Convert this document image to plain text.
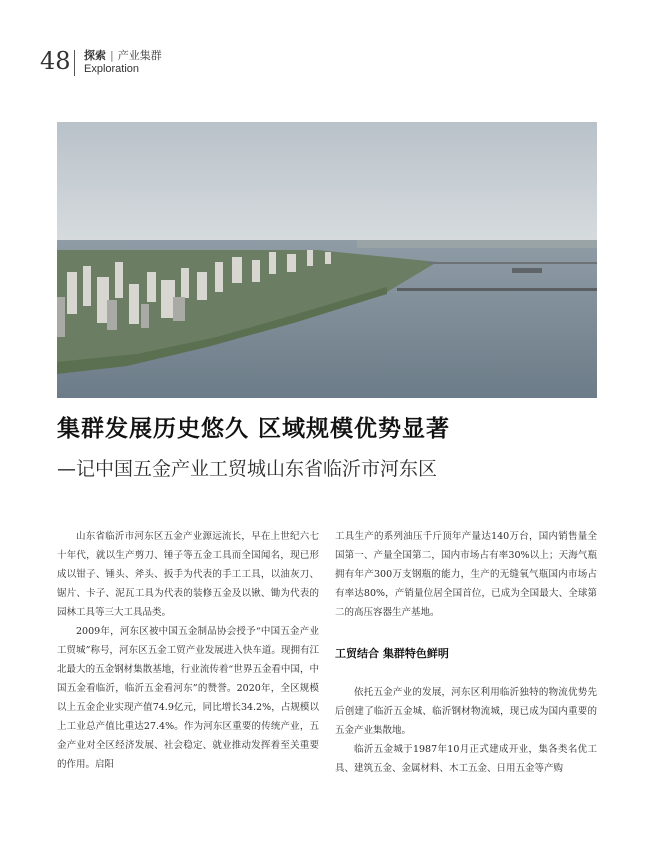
48 探索 | 产业集群
Exploration
集群发展历史悠久 区域规模优势显著
—记中国五金产业工贸城山东省临沂市河东区

山东省临沂市河东区五金产业源远流长，早在上世纪六七十年代，就以生产剪刀、锤子等五金工具而全国闻名，现已形成以钳子、锤头、斧头、扳手为代表的手工工具，以油灰刀、锯片、卡子、泥瓦工具为代表的装修五金及以锹、锄为代表的园林工具等三大工具品类。

2009年，河东区被中国五金制品协会授予“中国五金产业工贸城”称号，河东区五金工贸产业发展进入快车道。现拥有江北最大的五金钢材集散基地，行业流传着“世界五金看中国，中国五金看临沂，临沂五金看河东”的赞誉。2020年，全区规模以上五金企业实现产值74.9亿元，同比增长34.2%，占规模以上工业总产值比重达27.4%。作为河东区重要的传统产业，五金产业对全区经济发展、社会稳定、就业推动发挥着至关重要的作用。启阳

工具生产的系列油压千斤顶年产量达140万台，国内销售量全国第一、产量全国第二，国内市场占有率30%以上；天海气瓶拥有年产300万支钢瓶的能力，生产的无缝氧气瓶国内市场占有率达80%，产销量位居全国首位，已成为全国最大、全球第二的高压容器生产基地。

工贸结合 集群特色鲜明

依托五金产业的发展，河东区利用临沂独特的物流优势先后创建了临沂五金城、临沂钢材物流城，现已成为国内重要的五金产业集散地。

临沂五金城于1987年10月正式建成开业，集各类名优工具、建筑五金、金属材料、木工五金、日用五金等产购
